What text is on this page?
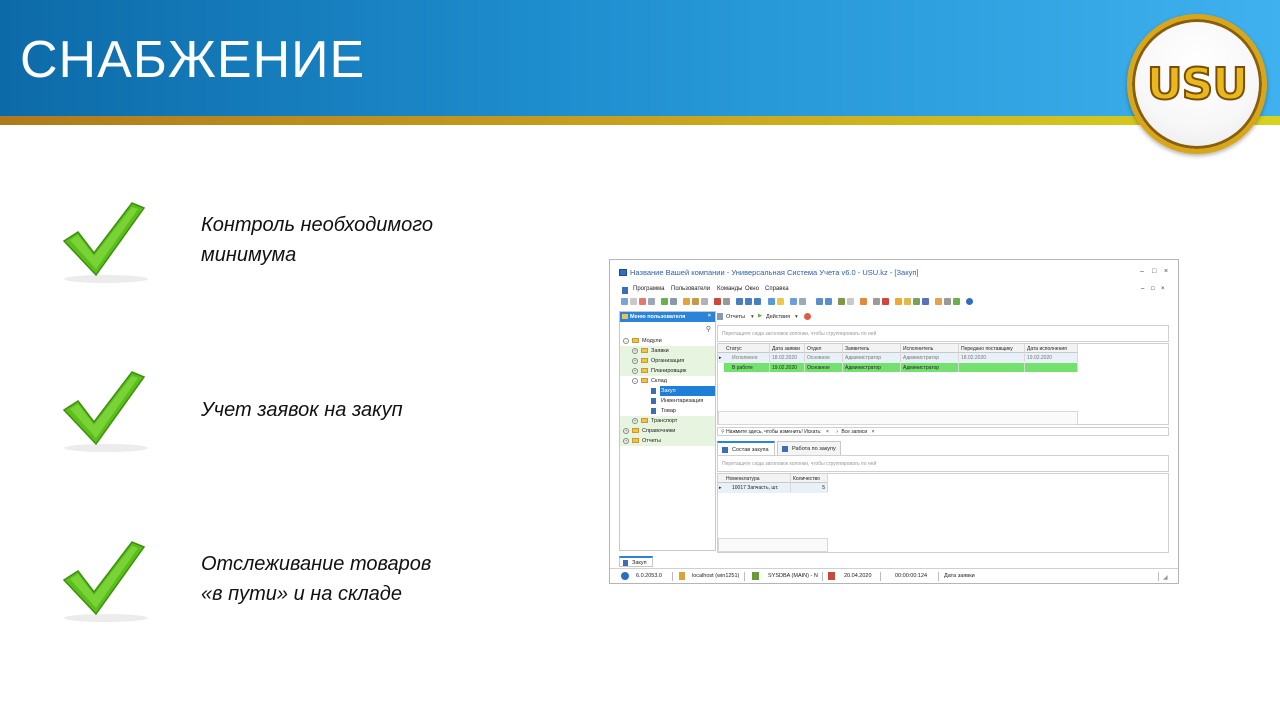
СНАБЖЕНИЕ	USU
Контроль необходимого
минимума
Учет заявок на закуп
Отслеживание товаров
«в пути» и на складе
Название Вашей компании - Универсальная Система Учета v6.0 - USU.kz - [Закуп]	– □ ×
Программа Пользователи Команды Окно Справка	– □ ×
Отчеты ▾ ▶ Действия ▾
Меню пользователя	×
⚲
–	Модули
+	Заявки
+	Организация
+	Планировщик
–	Склад
Закуп
Инвентаризация
Товар
+	Транспорт
+	Справочники
+	Отчеты
Перетащите сюда заголовок колонки, чтобы сгруппировать по ней
Статус	Дата заявки	Отдел	Заявитель	Исполнитель	Передано поставщику	Дата исполнения
▸	Исполнено	18.02.2020	Основное	Администратор	Администратор	18.02.2020	19.02.2020
В работе	19.02.2020	Основное	Администратор	Администратор
⚲ Нажмите здесь, чтобы изменить! Искать: × › Все записи ×
Состав закупа	Работа по закупу
Перетащите сюда заголовок колонки, чтобы сгруппировать по ней
Номенклатура	Количество
▸	10017 Запчасть, шт.	5
Закуп
6.0.2053.0	localhost (win1251)	SYSDBA (MAIN) - N	20.04.2020	00:00:00:124	Дата заявки	◢
